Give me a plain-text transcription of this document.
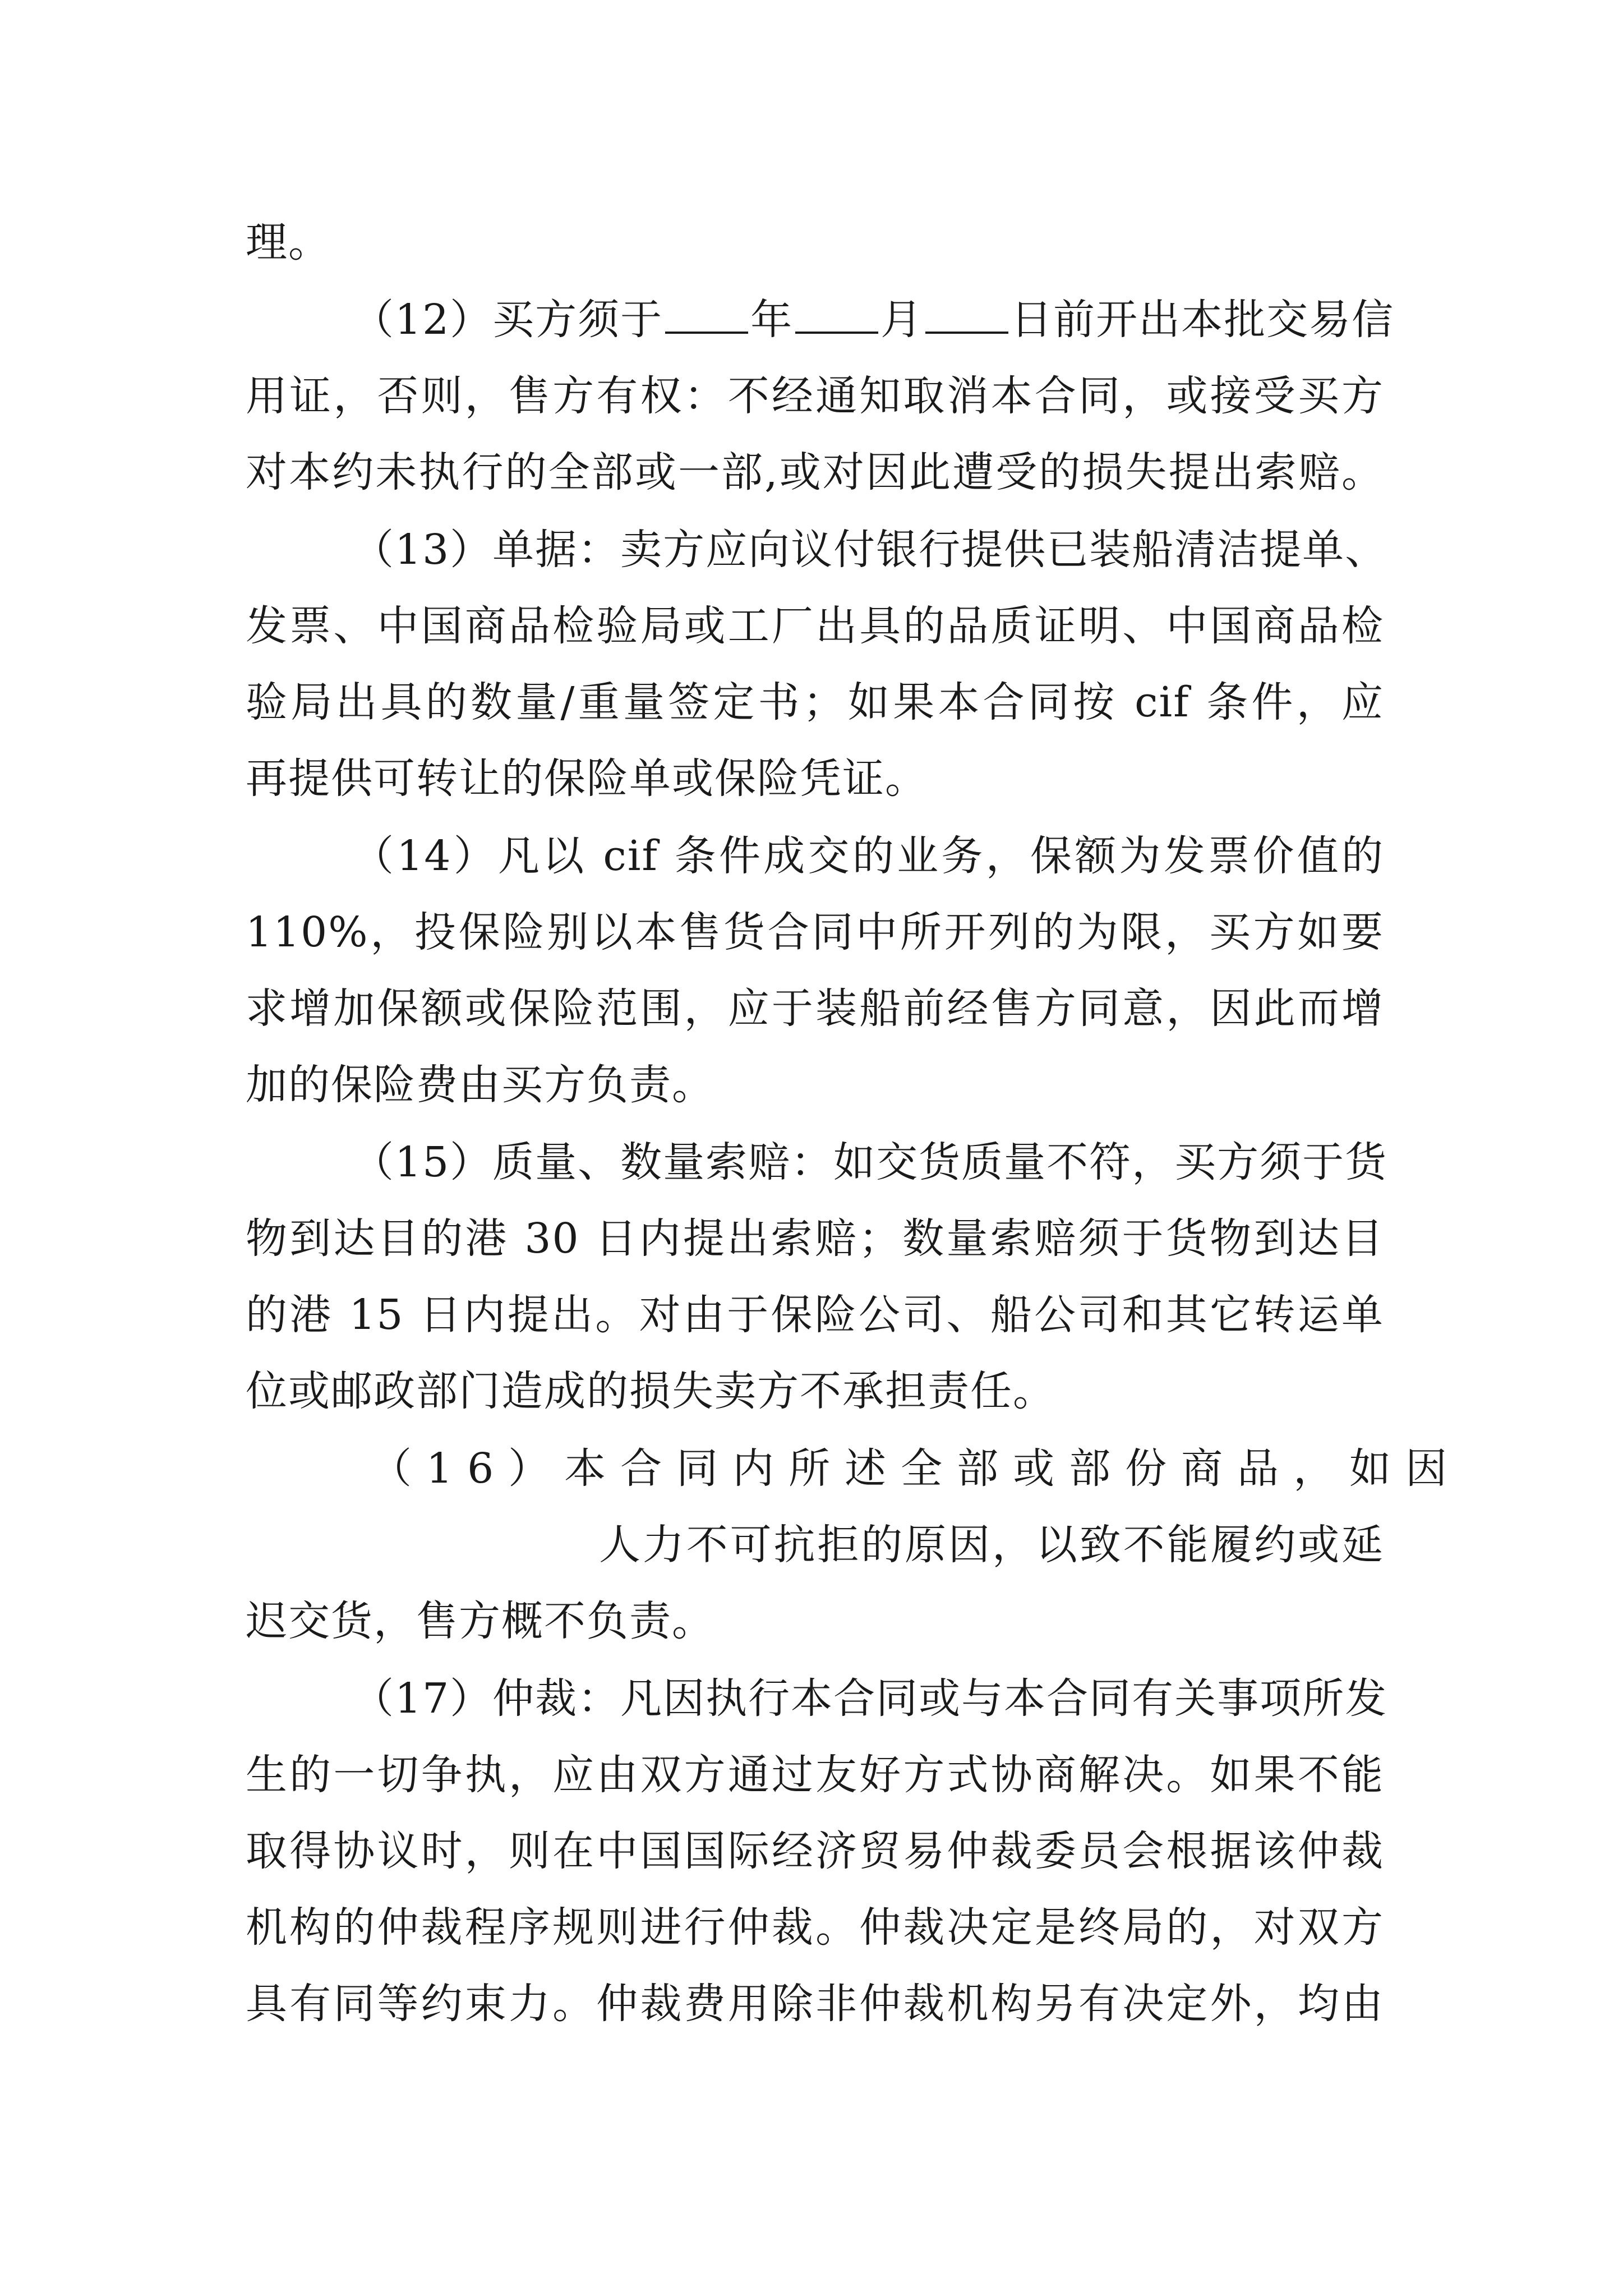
理。
（12）买方须于 年 月 日前开出本批交易信
用证，否则，售方有权：不经通知取消本合同，或接受买方
对本约未执行的全部或一部,或对因此遭受的损失提出索赔。
（13）单据：卖方应向议付银行提供已装船清洁提单、
发票、中国商品检验局或工厂出具的品质证明、中国商品检
验局出具的数量/重量签定书；如果本合同按 cif 条件，应
再提供可转让的保险单或保险凭证。
（14）凡以 cif 条件成交的业务，保额为发票价值的
110%，投保险别以本售货合同中所开列的为限，买方如要
求增加保额或保险范围，应于装船前经售方同意，因此而增
加的保险费由买方负责。
（15）质量、数量索赔：如交货质量不符，买方须于货
物到达目的港 30 日内提出索赔；数量索赔须于货物到达目
的港 15 日内提出。对由于保险公司、船公司和其它转运单
位或邮政部门造成的损失卖方不承担责任。
（16）本合同内所述全部或部份商品，如因
人力不可抗拒的原因，以致不能履约或延
迟交货，售方概不负责。
（17）仲裁：凡因执行本合同或与本合同有关事项所发
生的一切争执，应由双方通过友好方式协商解决。如果不能
取得协议时，则在中国国际经济贸易仲裁委员会根据该仲裁
机构的仲裁程序规则进行仲裁。仲裁决定是终局的，对双方
具有同等约束力。仲裁费用除非仲裁机构另有决定外，均由
